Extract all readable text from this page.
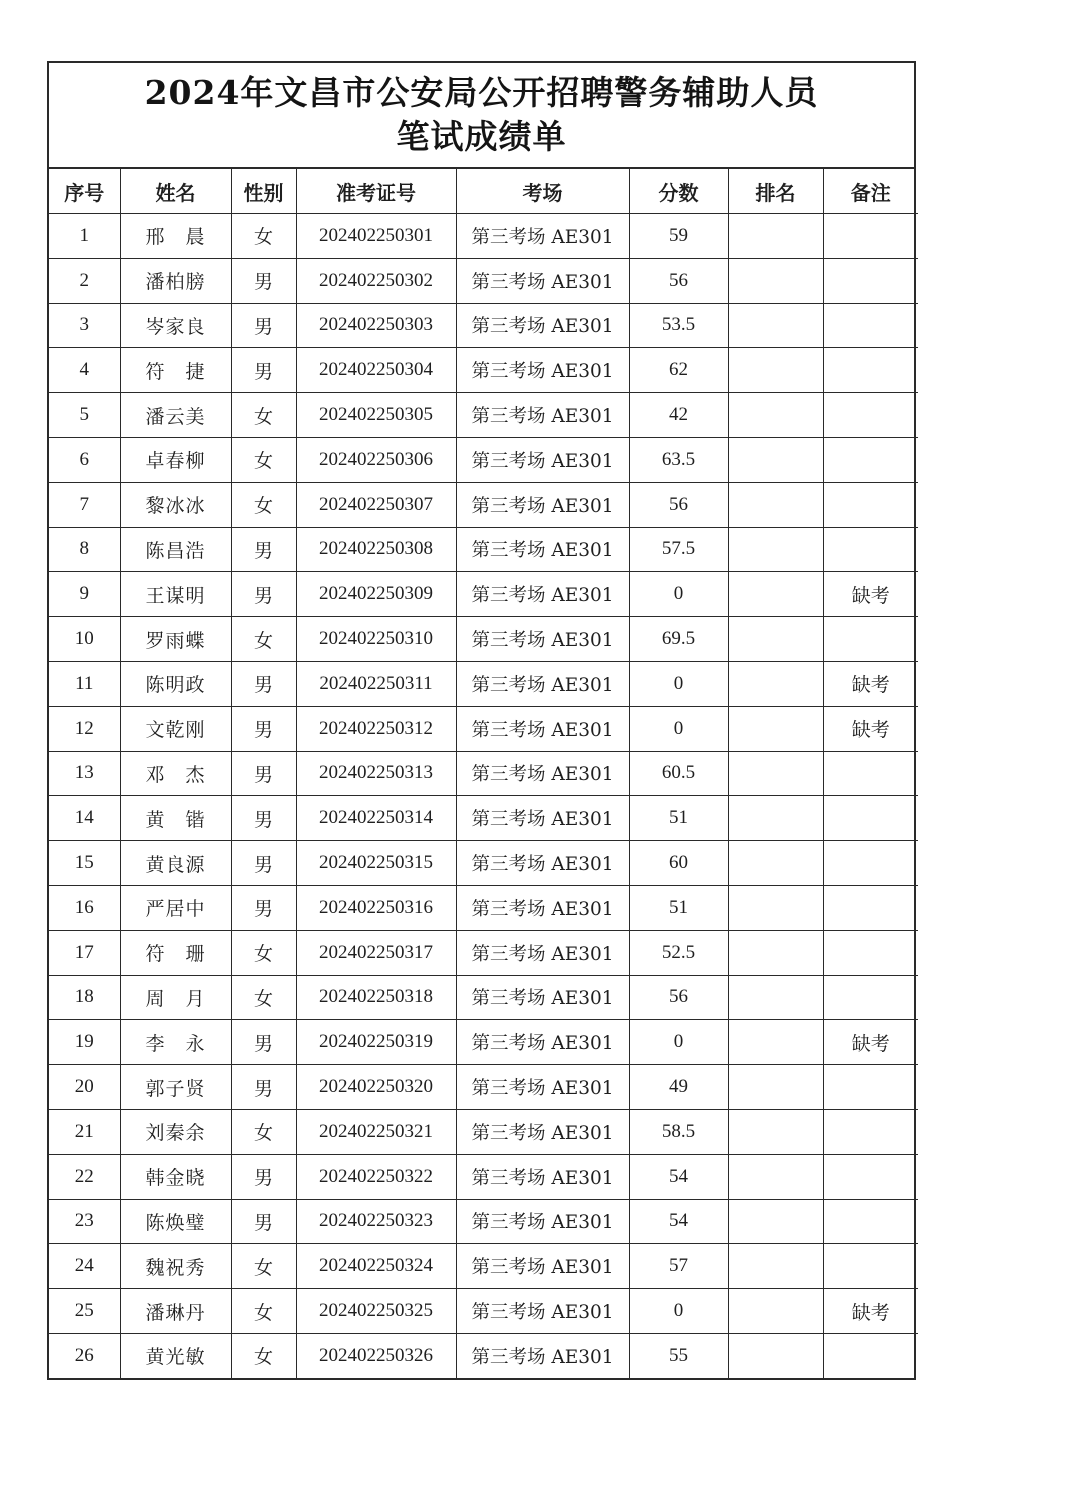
2024年文昌市公安局公开招聘警务辅助人员
笔试成绩单
序号	姓名	性别	准考证号	考场	分数	排名	备注
1	邢　晨	女	202402250301	第三考场 AE301	59		
2	潘柏膀	男	202402250302	第三考场 AE301	56		
3	岑家良	男	202402250303	第三考场 AE301	53.5		
4	符　捷	男	202402250304	第三考场 AE301	62		
5	潘云美	女	202402250305	第三考场 AE301	42		
6	卓春柳	女	202402250306	第三考场 AE301	63.5		
7	黎冰冰	女	202402250307	第三考场 AE301	56		
8	陈昌浩	男	202402250308	第三考场 AE301	57.5		
9	王谋明	男	202402250309	第三考场 AE301	0		缺考
10	罗雨蝶	女	202402250310	第三考场 AE301	69.5		
11	陈明政	男	202402250311	第三考场 AE301	0		缺考
12	文乾刚	男	202402250312	第三考场 AE301	0		缺考
13	邓　杰	男	202402250313	第三考场 AE301	60.5		
14	黄　锴	男	202402250314	第三考场 AE301	51		
15	黄良源	男	202402250315	第三考场 AE301	60		
16	严居中	男	202402250316	第三考场 AE301	51		
17	符　珊	女	202402250317	第三考场 AE301	52.5		
18	周　月	女	202402250318	第三考场 AE301	56		
19	李　永	男	202402250319	第三考场 AE301	0		缺考
20	郭子贤	男	202402250320	第三考场 AE301	49		
21	刘秦余	女	202402250321	第三考场 AE301	58.5		
22	韩金晓	男	202402250322	第三考场 AE301	54		
23	陈焕璧	男	202402250323	第三考场 AE301	54		
24	魏祝秀	女	202402250324	第三考场 AE301	57		
25	潘琳丹	女	202402250325	第三考场 AE301	0		缺考
26	黄光敏	女	202402250326	第三考场 AE301	55		
